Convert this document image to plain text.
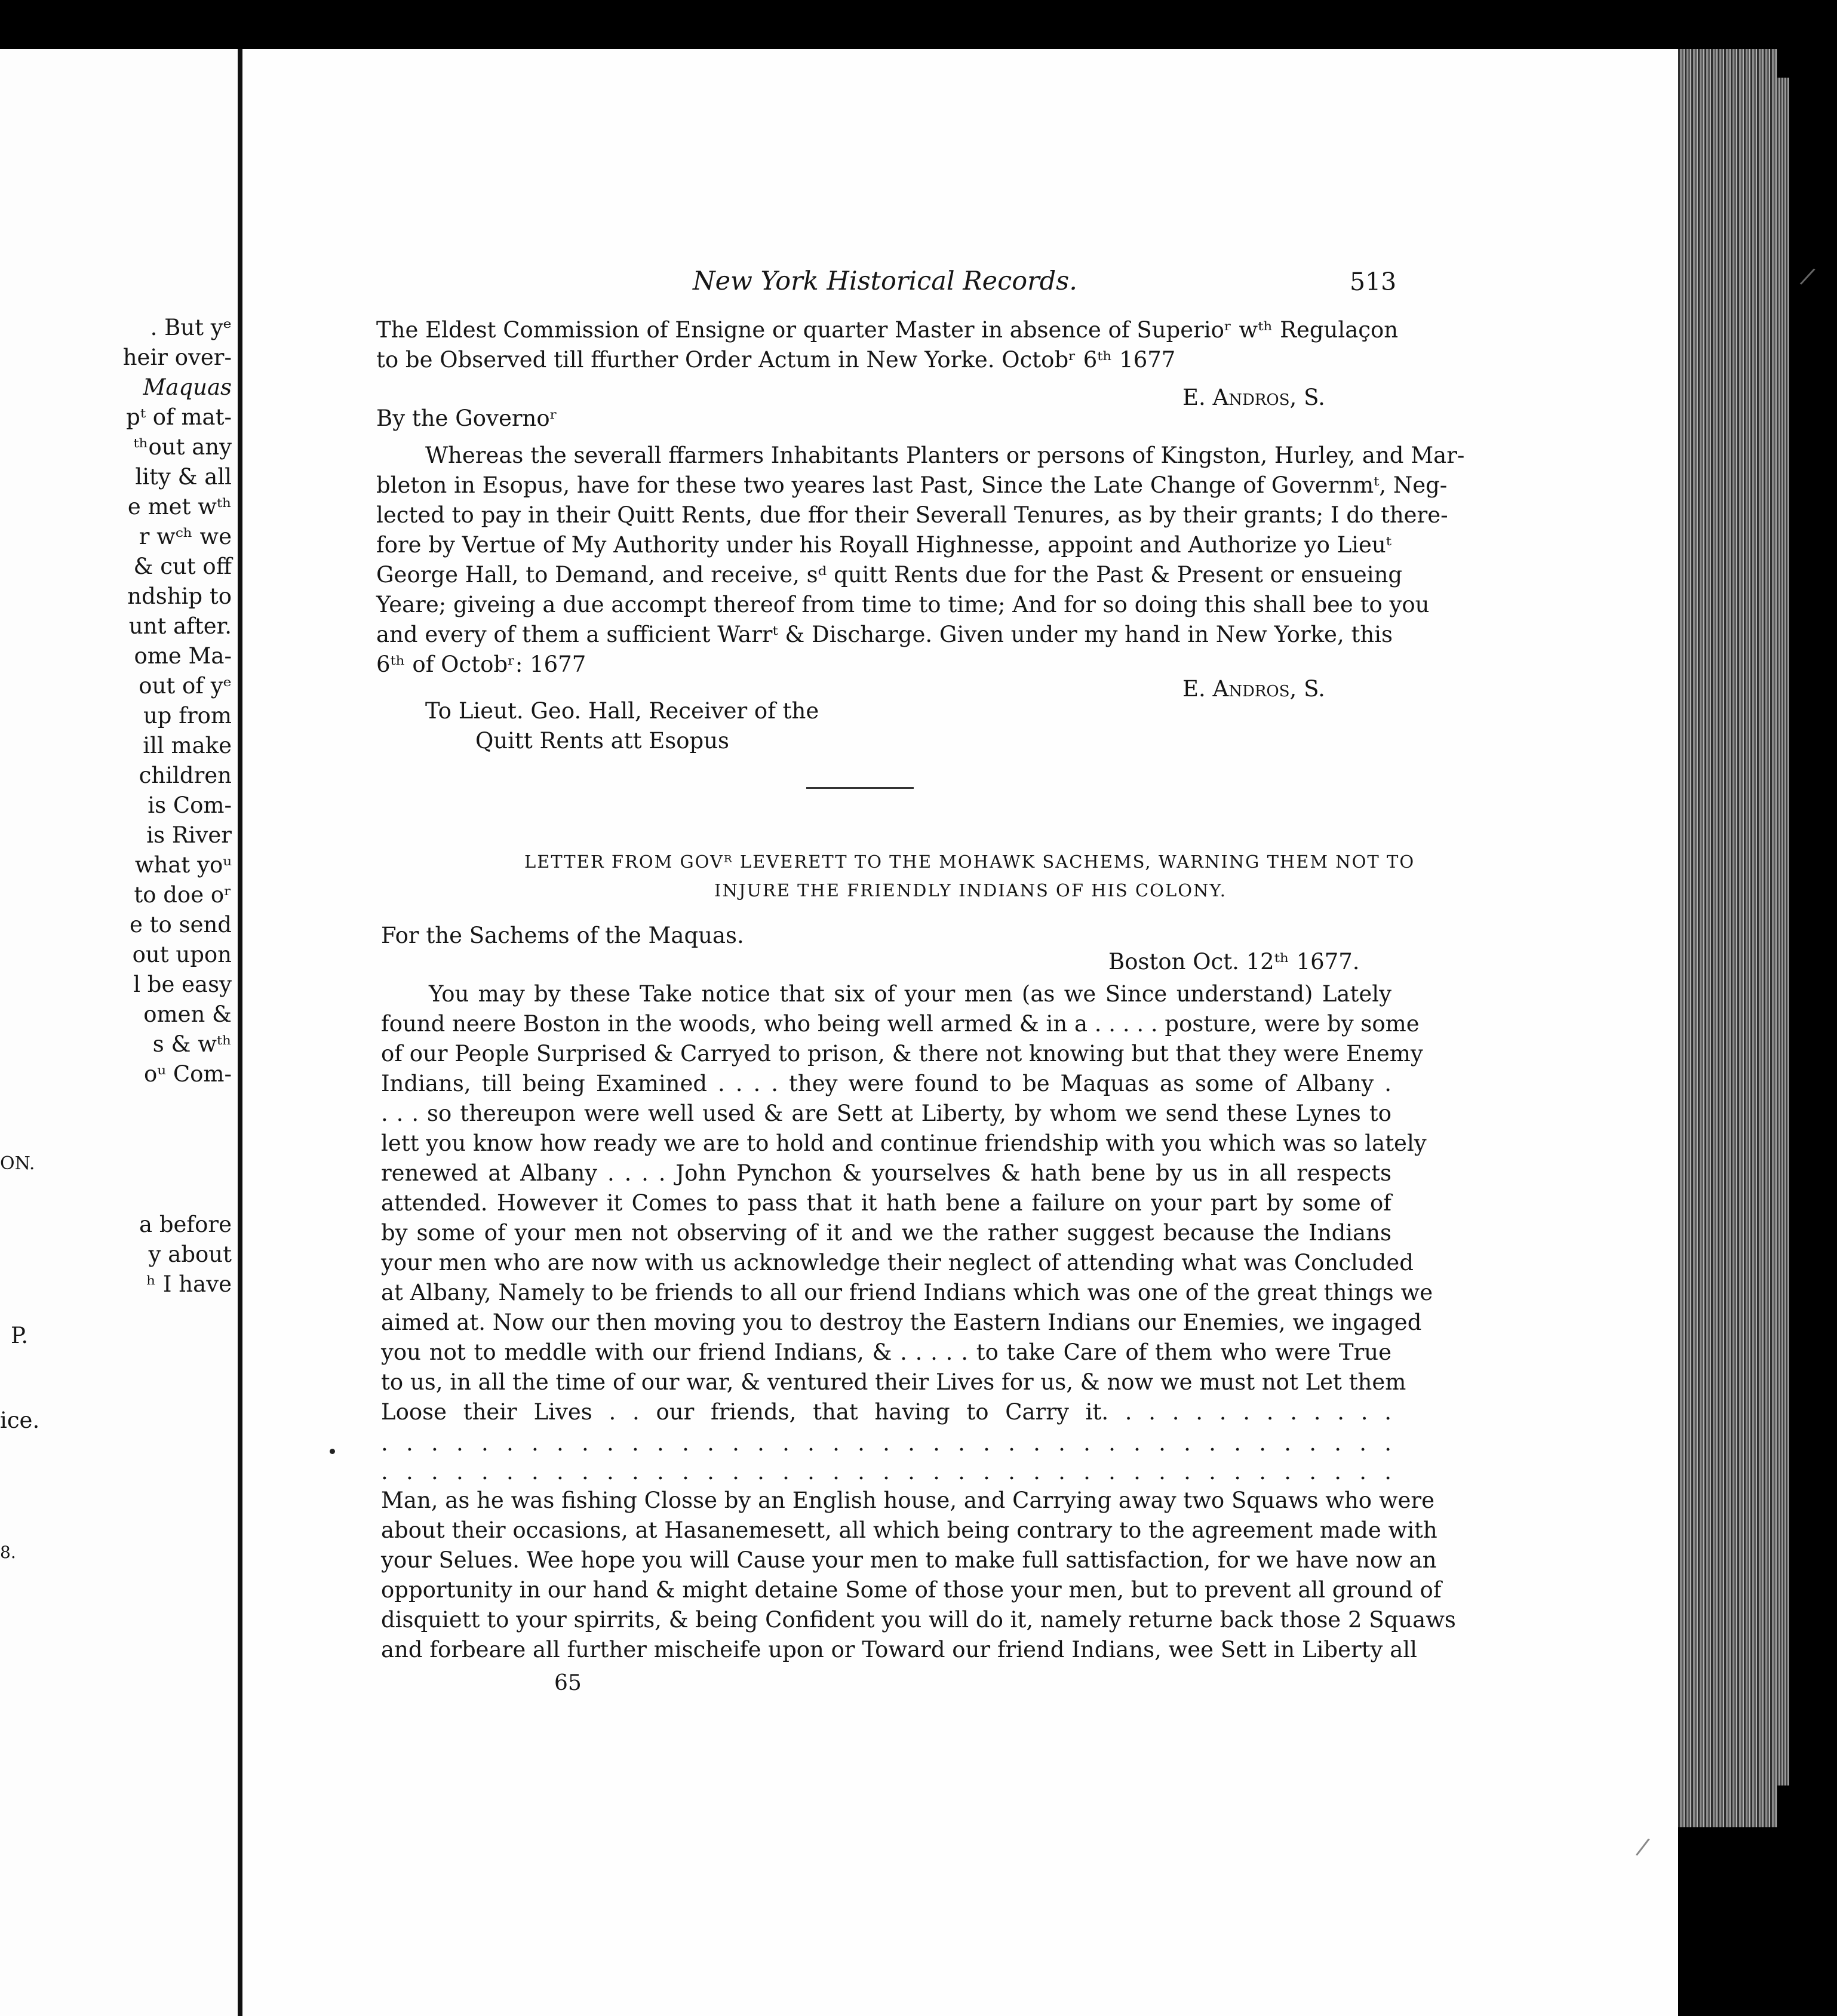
. But yᵉ
heir over-
Maquas
pᵗ of mat-
ᵗʰout any
lity & all
e met wᵗʰ
r wᶜʰ we
& cut off
ndship to
unt after.
ome Ma-
out of yᵉ
up from
ill make
children
is Com-
is River
what yoᵘ
to doe oʳ
e to send
out upon
l be easy
omen &
s & wᵗʰ
oᵘ Com-
ON.
a before
y about
ʰ I have
P.
ice.
8.
/
/
New York Historical Records.	513
The Eldest Commission of Ensigne or quarter Master in absence of Superioʳ wᵗʰ Regulaçon
to be Observed till ffurther Order Actum in New Yorke. Octobʳ 6ᵗʰ 1677
E. Andros, S.
By the Governoʳ
Whereas the severall ffarmers Inhabitants Planters or persons of Kingston, Hurley, and Mar-
bleton in Esopus, have for these two yeares last Past, Since the Late Change of Governmᵗ, Neg-
lected to pay in their Quitt Rents, due ffor their Severall Tenures, as by their grants; I do there-
fore by Vertue of My Authority under his Royall Highnesse, appoint and Authorize yo Lieuᵗ
George Hall, to Demand, and receive, sᵈ quitt Rents due for the Past & Present or ensueing
Yeare; giveing a due accompt thereof from time to time; And for so doing this shall bee to you
and every of them a sufficient Warrᵗ & Discharge. Given under my hand in New Yorke, this
6ᵗʰ of Octobʳ: 1677
E. Andros, S.
To Lieut. Geo. Hall, Receiver of the
Quitt Rents att Esopus
LETTER FROM GOVᴿ LEVERETT TO THE MOHAWK SACHEMS, WARNING THEM NOT TO
INJURE THE FRIENDLY INDIANS OF HIS COLONY.
For the Sachems of the Maquas.
Boston Oct. 12ᵗʰ 1677.
You may by these Take notice that six of your men (as we Since understand) Lately
found neere Boston in the woods, who being well armed & in a . . . . . posture, were by some
of our People Surprised & Carryed to prison, & there not knowing but that they were Enemy
Indians, till being Examined . . . . they were found to be Maquas as some of Albany .
. . . so thereupon were well used & are Sett at Liberty, by whom we send these Lynes to
lett you know how ready we are to hold and continue friendship with you which was so lately
renewed at Albany . . . . John Pynchon & yourselves & hath bene by us in all respects
attended. However it Comes to pass that it hath bene a failure on your part by some of
by some of your men not observing of it and we the rather suggest because the Indians
your men who are now with us acknowledge their neglect of attending what was Concluded
at Albany, Namely to be friends to all our friend Indians which was one of the great things we
aimed at. Now our then moving you to destroy the Eastern Indians our Enemies, we ingaged
you not to meddle with our friend Indians, & . . . . . to take Care of them who were True
to us, in all the time of our war, & ventured their Lives for us, & now we must not Let them
Loose their Lives . . our friends, that having to Carry it. . . . . . . . . . . . .
. . . . . . . . . . . . . . . . . . . . . . . . . . . . . . . . . . . . . . . . .
. . . . . . . . . . . . . . . . . . . . . . . . . . . . . . . . . . . . . . . . .
Man, as he was fishing Closse by an English house, and Carrying away two Squaws who were
about their occasions, at Hasanemesett, all which being contrary to the agreement made with
your Selues. Wee hope you will Cause your men to make full sattisfaction, for we have now an
opportunity in our hand & might detaine Some of those your men, but to prevent all ground of
disquiett to your spirrits, & being Confident you will do it, namely returne back those 2 Squaws
and forbeare all further mischeife upon or Toward our friend Indians, wee Sett in Liberty all
65
